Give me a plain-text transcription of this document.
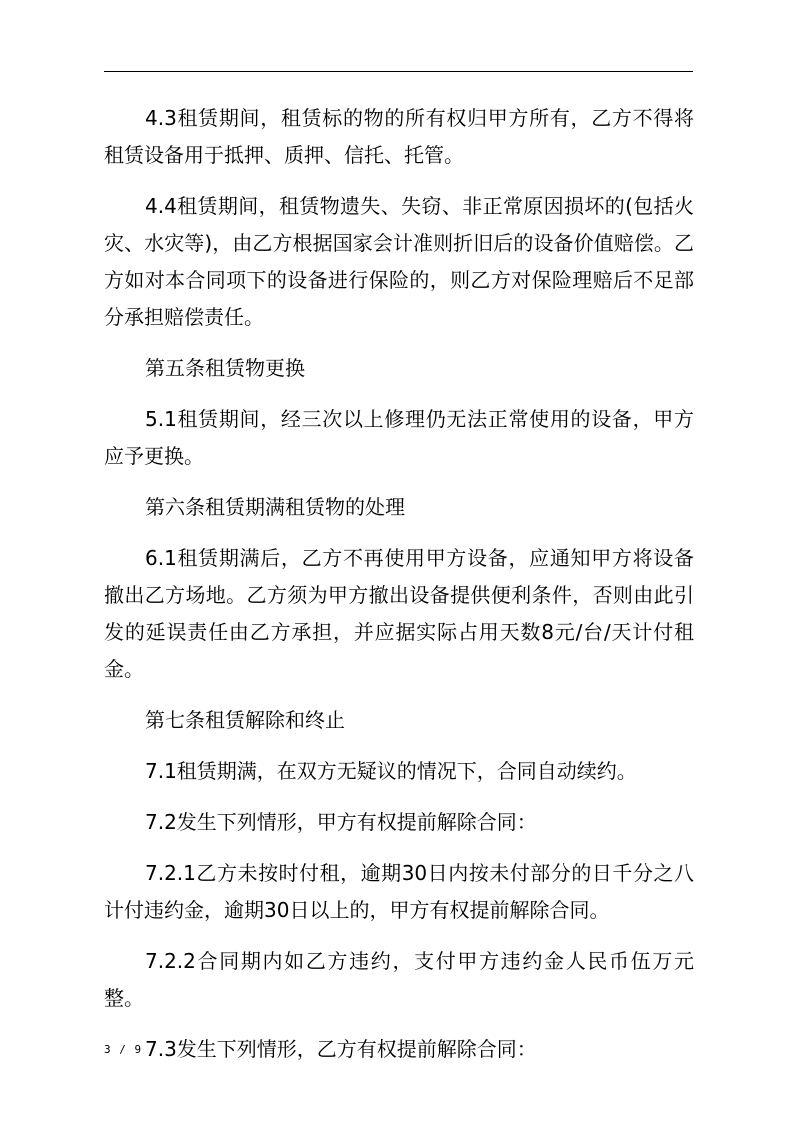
4.3租赁期间，租赁标的物的所有权归甲方所有，乙方不得将租赁设备用于抵押、质押、信托、托管。

4.4租赁期间，租赁物遗失、失窃、非正常原因损坏的(包括火灾、水灾等)，由乙方根据国家会计准则折旧后的设备价值赔偿。乙方如对本合同项下的设备进行保险的，则乙方对保险理赔后不足部分承担赔偿责任。

第五条租赁物更换

5.1租赁期间，经三次以上修理仍无法正常使用的设备，甲方应予更换。

第六条租赁期满租赁物的处理

6.1租赁期满后，乙方不再使用甲方设备，应通知甲方将设备撤出乙方场地。乙方须为甲方撤出设备提供便利条件，否则由此引发的延误责任由乙方承担，并应据实际占用天数8元/台/天计付租金。

第七条租赁解除和终止

7.1租赁期满，在双方无疑议的情况下，合同自动续约。

7.2发生下列情形，甲方有权提前解除合同：

7.2.1乙方未按时付租，逾期30日内按未付部分的日千分之八计付违约金，逾期30日以上的，甲方有权提前解除合同。

7.2.2合同期内如乙方违约，支付甲方违约金人民币伍万元整。

7.3发生下列情形，乙方有权提前解除合同：

3 / 9
